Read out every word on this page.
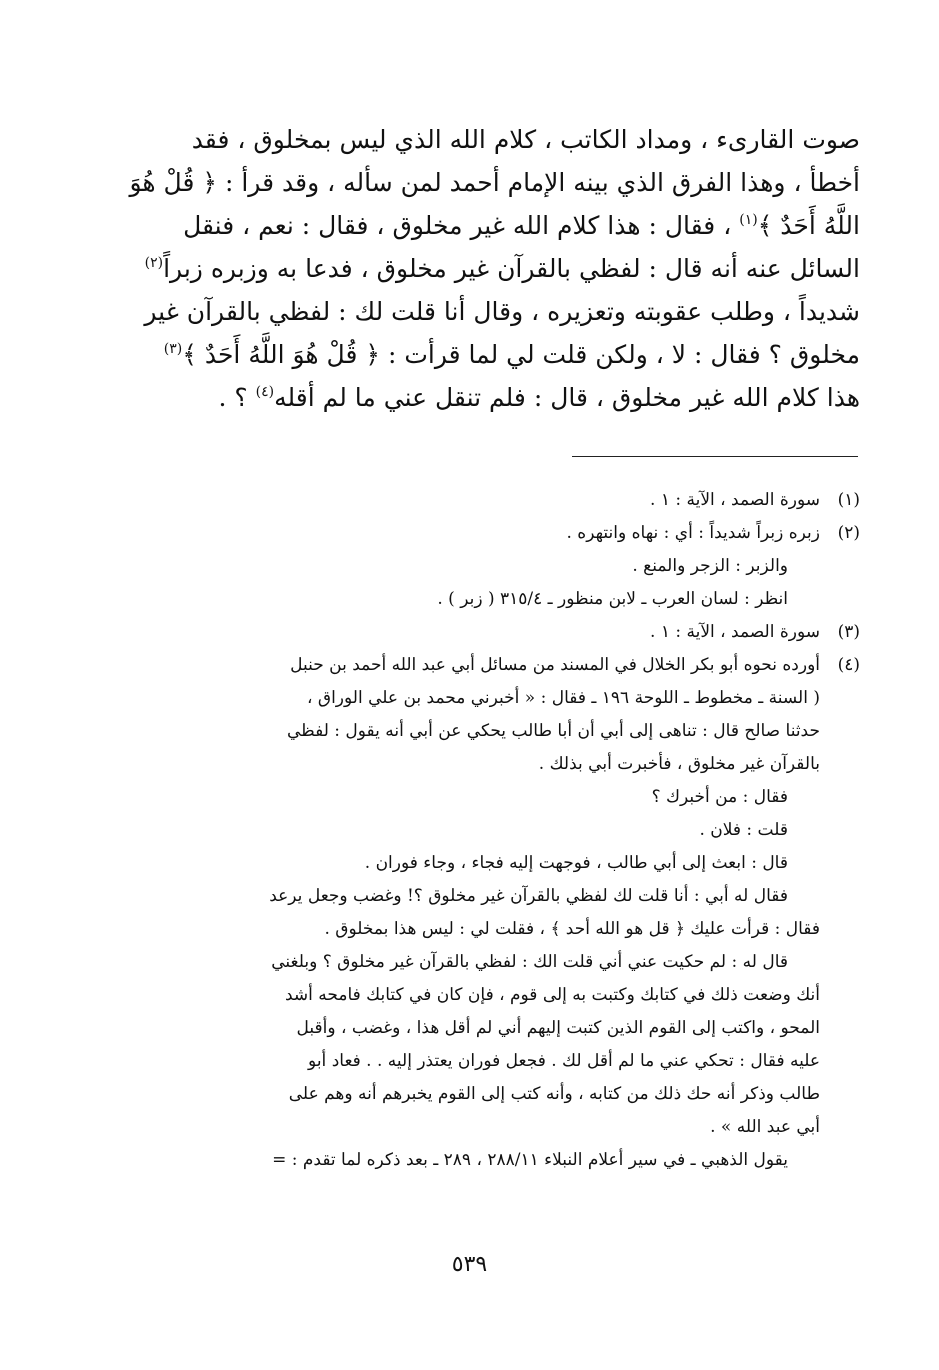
صوت القارىء ، ومداد الكاتب ، كلام الله الذي ليس بمخلوق ، فقد
أخطأ ، وهذا الفرق الذي بينه الإمام أحمد لمن سأله ، وقد قرأ : ﴿ قُلْ هُوَ
اللَّهُ أَحَدٌ ﴾$^{(١)}$ ، فقال : هذا كلام الله غير مخلوق ، فقال : نعم ، فنقل
السائل عنه أنه قال : لفظي بالقرآن غير مخلوق ، فدعا به وزبره زبراً$^{(٢)}$
شديداً ، وطلب عقوبته وتعزيره ، وقال أنا قلت لك : لفظي بالقرآن غير
مخلوق ؟ فقال : لا ، ولكن قلت لي لما قرأت : ﴿ قُلْ هُوَ اللَّهُ أَحَدٌ ﴾$^{(٣)}$
هذا كلام الله غير مخلوق ، قال : فلم تنقل عني ما لم أقله$^{(٤)}$ ؟ .
(١)
سورة الصمد ، الآية : ١ .
(٢)
زبره زبراً شديداً : أي : نهاه وانتهره .
والزبر : الزجر والمنع .
انظر : لسان العرب ـ لابن منظور ـ ٣١٥/٤ ( زبر ) .
(٣)
سورة الصمد ، الآية : ١ .
(٤)
أورده نحوه أبو بكر الخلال في المسند من مسائل أبي عبد الله أحمد بن حنبل
( السنة ـ مخطوط ـ اللوحة ١٩٦ ـ فقال : « أخبرني محمد بن علي الوراق ،
حدثنا صالح قال : تناهى إلى أبي أن أبا طالب يحكي عن أبي أنه يقول : لفظي
بالقرآن غير مخلوق ، فأخبرت أبي بذلك .
فقال : من أخبرك ؟
قلت : فلان .
قال : ابعث إلى أبي طالب ، فوجهت إليه فجاء ، وجاء فوران .
فقال له أبي : أنا قلت لك لفظي بالقرآن غير مخلوق ؟! وغضب وجعل يرعد
فقال : قرأت عليك ﴿ قل هو الله أحد ﴾ ، فقلت لي : ليس هذا بمخلوق .
قال له : لم حكيت عني أني قلت الك : لفظي بالقرآن غير مخلوق ؟ وبلغني
أنك وضعت ذلك في كتابك وكتبت به إلى قوم ، فإن كان في كتابك فامحه أشد
المحو ، واكتب إلى القوم الذين كتبت إليهم أني لم أقل هذا ، وغضب ، وأقبل
عليه فقال : تحكي عني ما لم أقل لك . فجعل فوران يعتذر إليه . . فعاد أبو
طالب وذكر أنه حك ذلك من كتابه ، وأنه كتب إلى القوم يخبرهم أنه وهم على
أبي عبد الله » .
يقول الذهبي ـ في سير أعلام النبلاء ٢٨٨/١١ ، ٢٨٩ ـ بعد ذكره لما تقدم : =
٥٣٩
